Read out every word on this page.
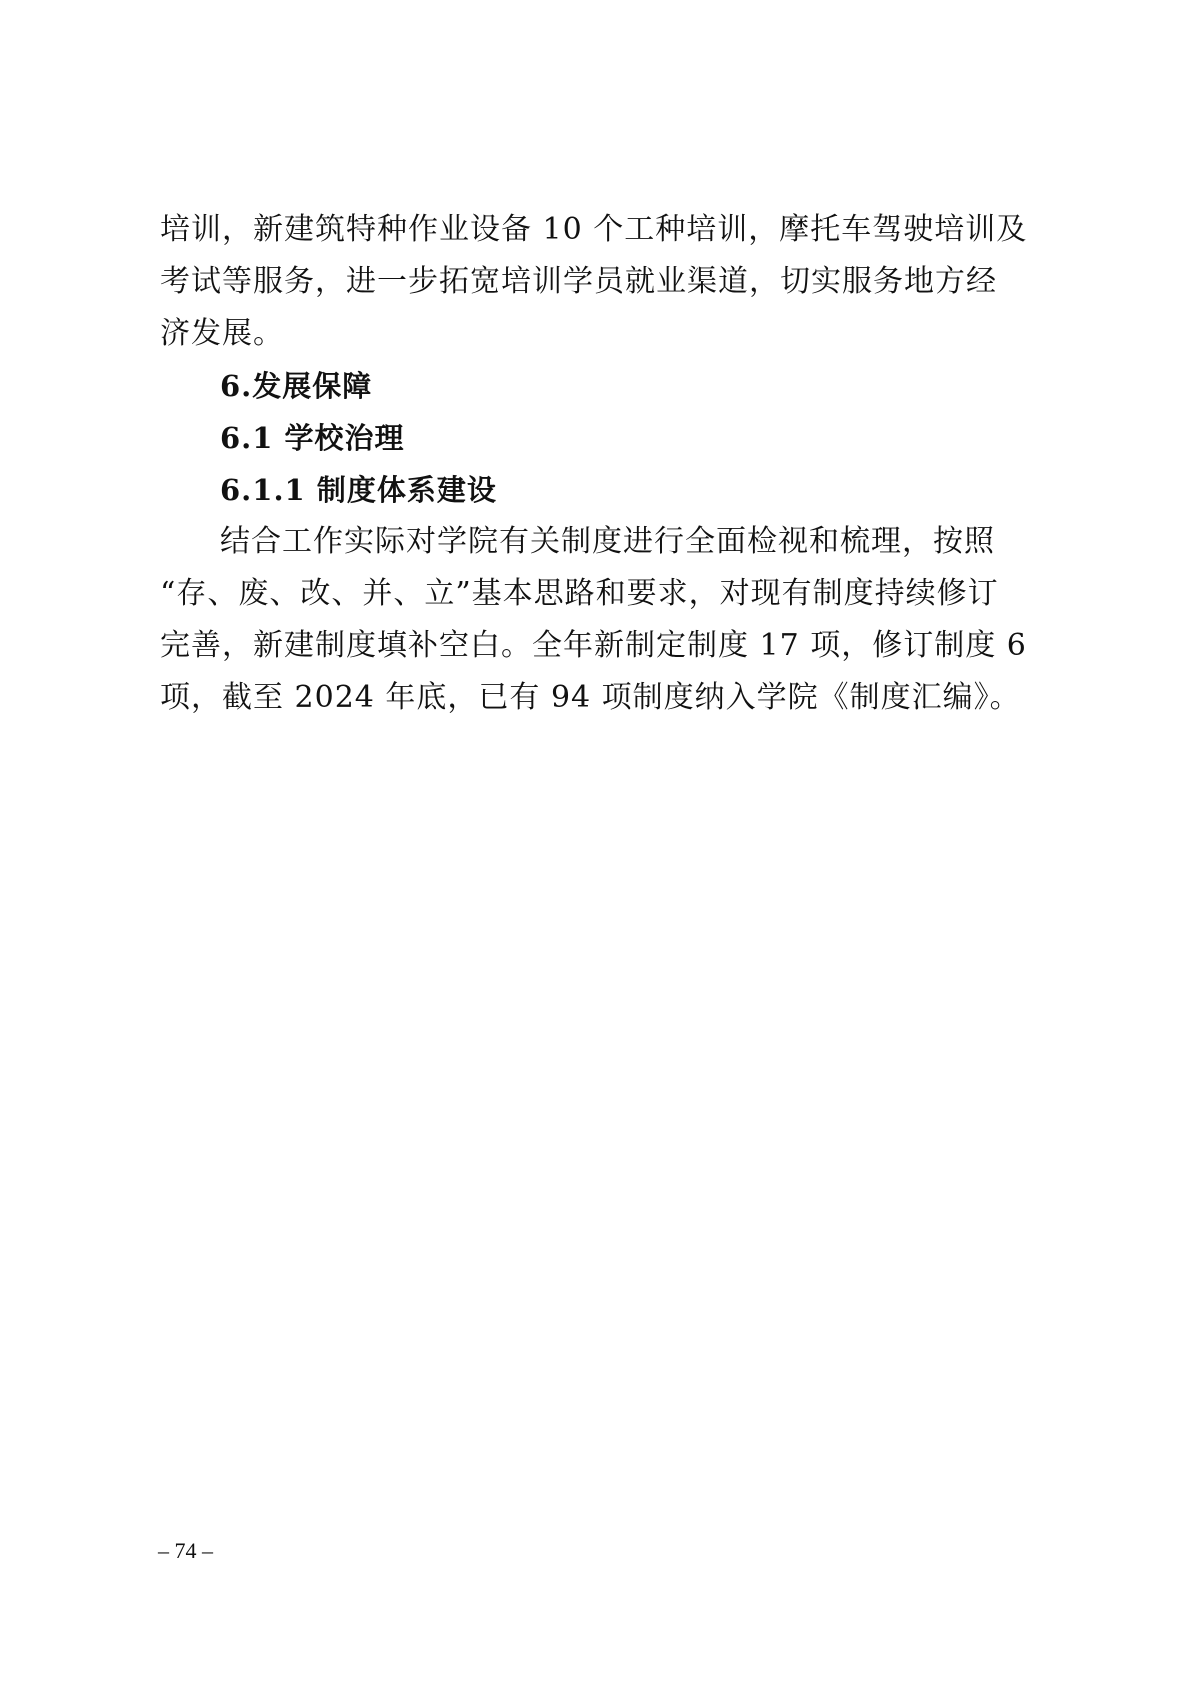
培训，新建筑特种作业设备 10 个工种培训，摩托车驾驶培训及
考试等服务，进一步拓宽培训学员就业渠道，切实服务地方经
济发展。
6.发展保障
6.1 学校治理
6.1.1 制度体系建设
结合工作实际对学院有关制度进行全面检视和梳理，按照
“存、废、改、并、立”基本思路和要求，对现有制度持续修订
完善，新建制度填补空白。全年新制定制度 17 项，修订制度 6
项，截至 2024 年底，已有 94 项制度纳入学院《制度汇编》。
– 74 –
